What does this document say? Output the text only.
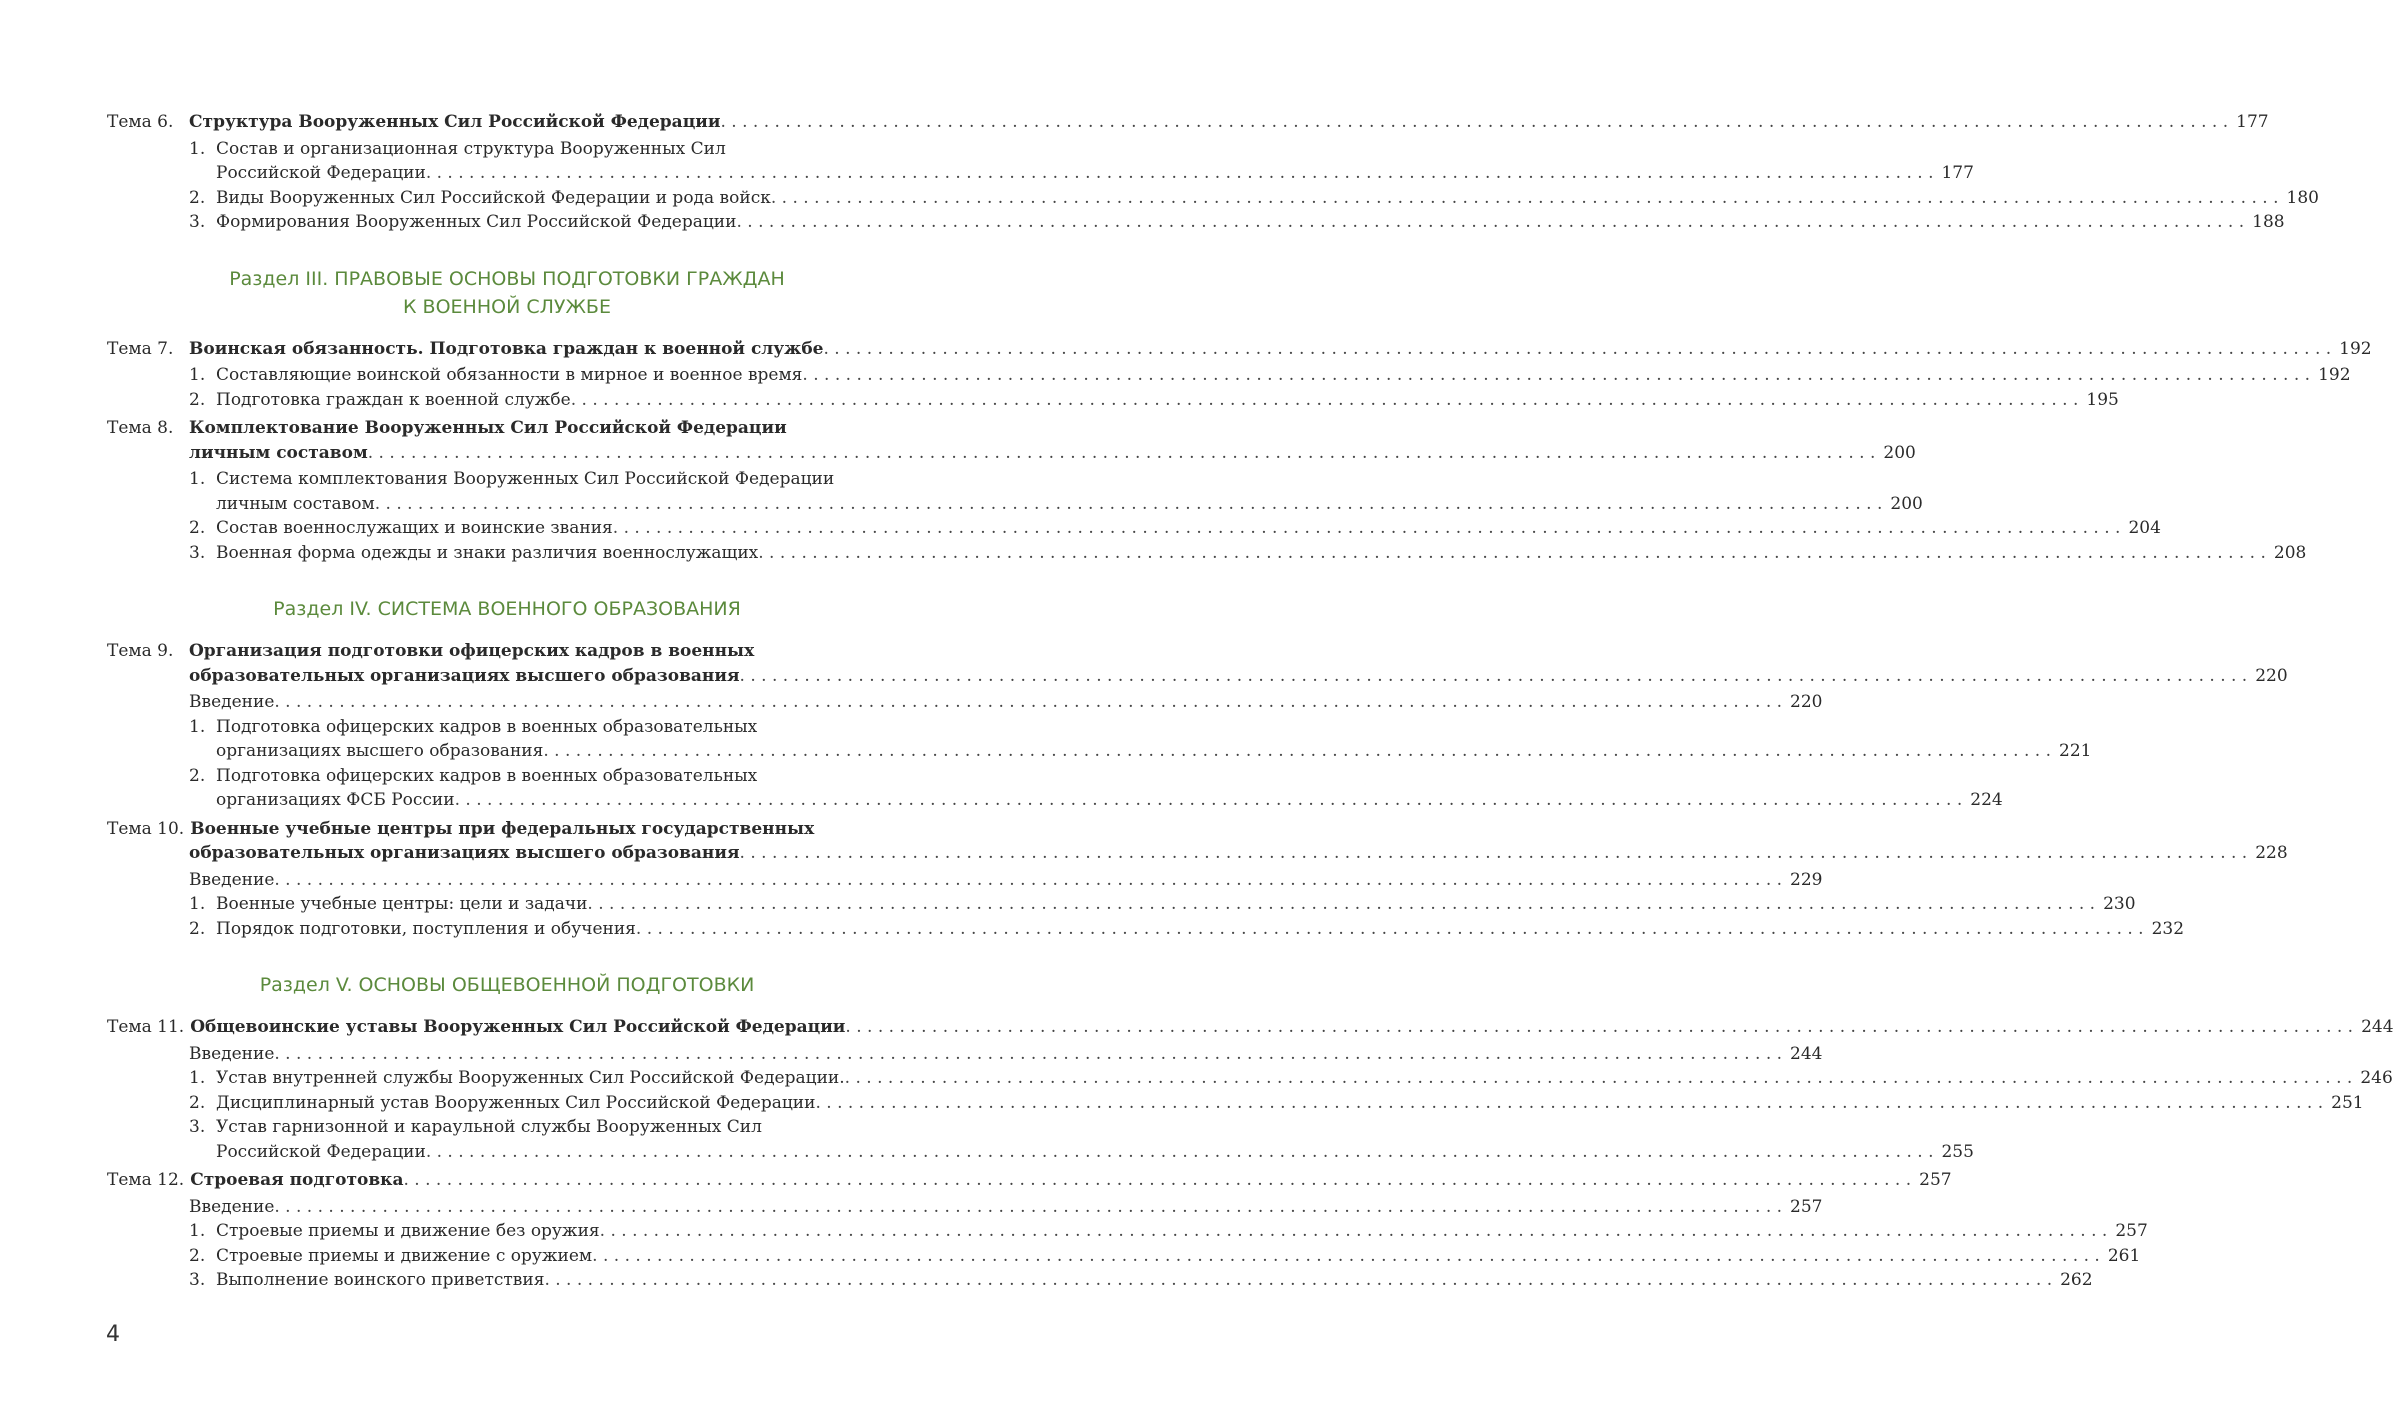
Тема 6. Структура Вооруженных Сил Российской Федерации . . .	177
1. Состав и организационная структура Вооруженных Сил
Российской Федерации . . .	177
2. Виды Вооруженных Сил Российской Федерации и рода войск . . .	180
3. Формирования Вооруженных Сил Российской Федерации . . .	188
Раздел III. ПРАВОВЫЕ ОСНОВЫ ПОДГОТОВКИ ГРАЖДАН
К ВОЕННОЙ СЛУЖБЕ
Тема 7. Воинская обязанность. Подготовка граждан к военной службе . . .	192
1. Составляющие воинской обязанности в мирное и военное время . . .	192
2. Подготовка граждан к военной службе . . .	195
Тема 8. Комплектование Вооруженных Сил Российской Федерации
личным составом . . .	200
1. Система комплектования Вооруженных Сил Российской Федерации
личным составом . . .	200
2. Состав военнослужащих и воинские звания . . .	204
3. Военная форма одежды и знаки различия военнослужащих . . .	208
Раздел IV. СИСТЕМА ВОЕННОГО ОБРАЗОВАНИЯ
Тема 9. Организация подготовки офицерских кадров в военных
образовательных организациях высшего образования . . .	220
Введение . . .	220
1. Подготовка офицерских кадров в военных образовательных
организациях высшего образования . . .	221
2. Подготовка офицерских кадров в военных образовательных
организациях ФСБ России . . .	224
Тема 10. Военные учебные центры при федеральных государственных
образовательных организациях высшего образования . . .	228
Введение . . .	229
1. Военные учебные центры: цели и задачи . . .	230
2. Порядок подготовки, поступления и обучения . . .	232
Раздел V. ОСНОВЫ ОБЩЕВОЕННОЙ ПОДГОТОВКИ
Тема 11. Общевоинские уставы Вооруженных Сил Российской Федерации . . .	244
Введение . . .	244
1. Устав внутренней службы Вооруженных Сил Российской Федерации. . . .	246
2. Дисциплинарный устав Вооруженных Сил Российской Федерации . . .	251
3. Устав гарнизонной и караульной службы Вооруженных Сил
Российской Федерации . . .	255
Тема 12. Строевая подготовка . . .	257
Введение . . .	257
1. Строевые приемы и движение без оружия . . .	257
2. Строевые приемы и движение с оружием . . .	261
3. Выполнение воинского приветствия . . .	262
4
